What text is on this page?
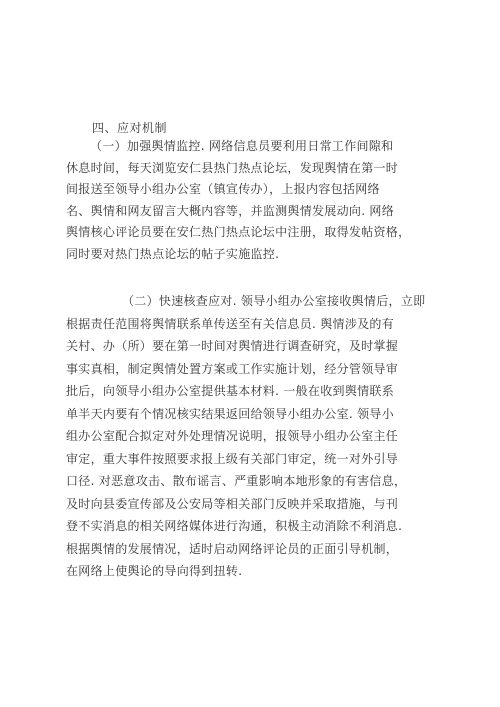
四、应对机制
（一）加强舆情监控. 网络信息员要利用日常工作间隙和
休息时间，每天浏览安仁县热门热点论坛，发现舆情在第一时
间报送至领导小组办公室（镇宣传办），上报内容包括网络
名、舆情和网友留言大概内容等，并监测舆情发展动向. 网络
舆情核心评论员要在安仁热门热点论坛中注册，取得发帖资格，
同时要对热门热点论坛的帖子实施监控.
（二）快速核查应对. 领导小组办公室接收舆情后，立即
根据责任范围将舆情联系单传送至有关信息员. 舆情涉及的有
关村、办（所）要在第一时间对舆情进行调查研究，及时掌握
事实真相，制定舆情处置方案或工作实施计划，经分管领导审
批后，向领导小组办公室提供基本材料. 一般在收到舆情联系
单半天内要有个情况核实结果返回给领导小组办公室. 领导小
组办公室配合拟定对外处理情况说明，报领导小组办公室主任
审定，重大事件按照要求报上级有关部门审定，统一对外引导
口径. 对恶意攻击、散布谣言、严重影响本地形象的有害信息，
及时向县委宣传部及公安局等相关部门反映并采取措施，与刊
登不实消息的相关网络媒体进行沟通，积极主动消除不利消息.
根据舆情的发展情况，适时启动网络评论员的正面引导机制，
在网络上使舆论的导向得到扭转.
